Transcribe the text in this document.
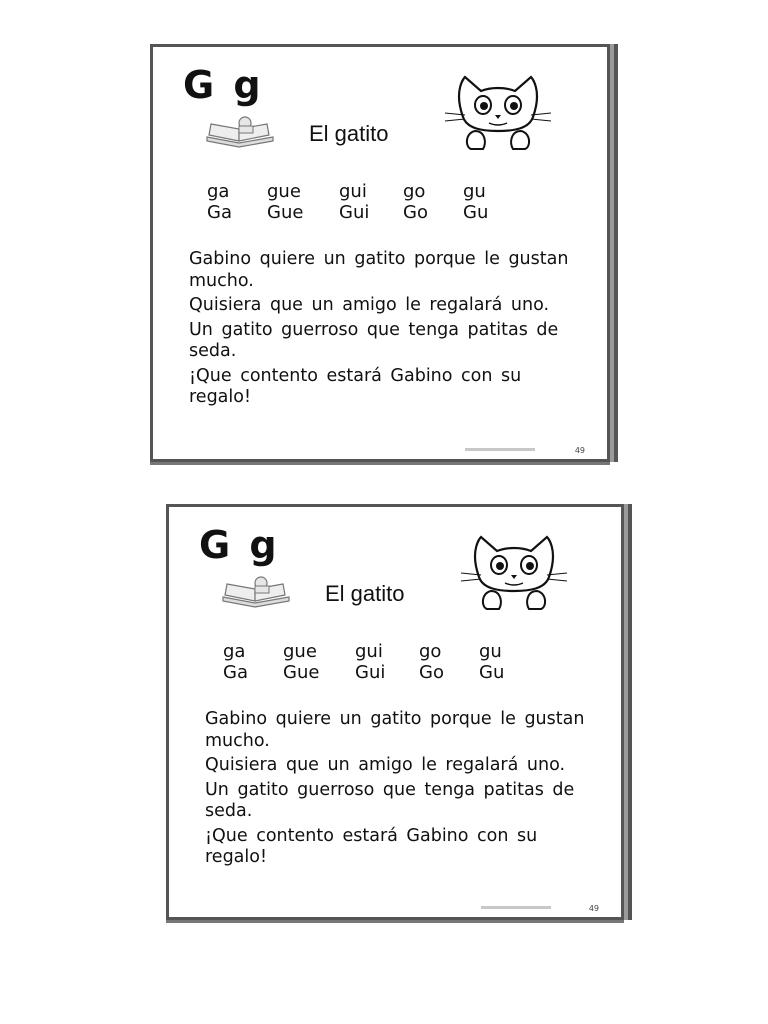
G g
El gatito
ga	gue	gui	go	gu
Ga	Gue	Gui	Go	Gu

Gabino quiere un gatito porque le gustan mucho.

Quisiera que un amigo le regalará uno.

Un gatito guerroso que tenga patitas de seda.

¡Que contento estará Gabino con su regalo!

49
G g
El gatito
ga	gue	gui	go	gu
Ga	Gue	Gui	Go	Gu

Gabino quiere un gatito porque le gustan mucho.

Quisiera que un amigo le regalará uno.

Un gatito guerroso que tenga patitas de seda.

¡Que contento estará Gabino con su regalo!

49
